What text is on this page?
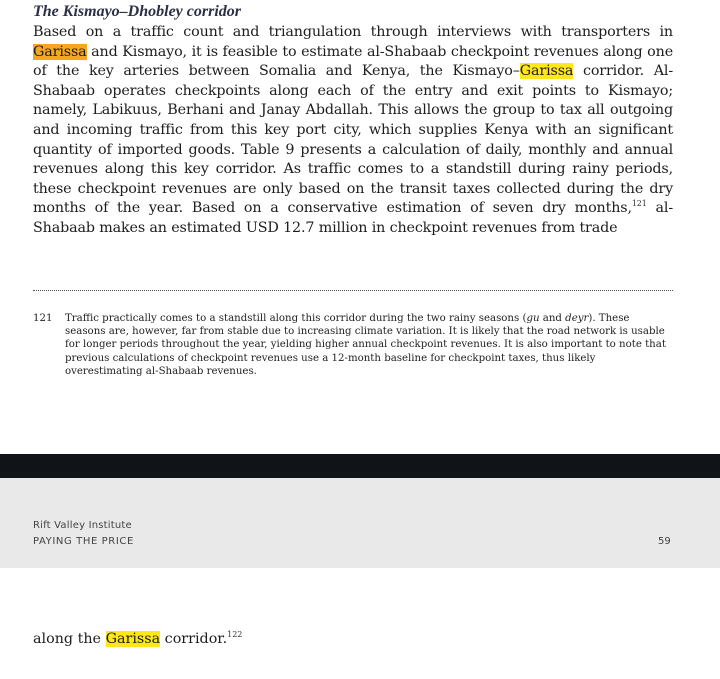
The Kismayo–Dhobley corridor

Based on a traffic count and triangulation through interviews with transporters in Garissa and Kismayo, it is feasible to estimate al-Shabaab checkpoint revenues along one of the key arteries between Somalia and Kenya, the Kismayo–Garissa corridor. Al-Shabaab operates checkpoints along each of the entry and exit points to Kismayo; namely, Labikuus, Berhani and Janay Abdallah. This allows the group to tax all outgoing and incoming traffic from this key port city, which supplies Kenya with an significant quantity of imported goods. Table 9 presents a calculation of daily, monthly and annual revenues along this key corridor. As traffic comes to a standstill during rainy periods, these checkpoint revenues are only based on the transit taxes collected during the dry months of the year. Based on a conservative estimation of seven dry months,$^{121}$ al-Shabaab makes an estimated USD 12.7 million in checkpoint revenues from trade

121	Traffic practically comes to a standstill along this corridor during the two rainy seasons (gu and deyr). These seasons are, however, far from stable due to increasing climate variation. It is likely that the road network is usable for longer periods throughout the year, yielding higher annual checkpoint revenues. It is also important to note that previous calculations of checkpoint revenues use a 12-month baseline for checkpoint taxes, thus likely overestimating al-Shabaab revenues.
Rift Valley Institute
PAYING THE PRICE	59

along the Garissa corridor.$^{122}$
